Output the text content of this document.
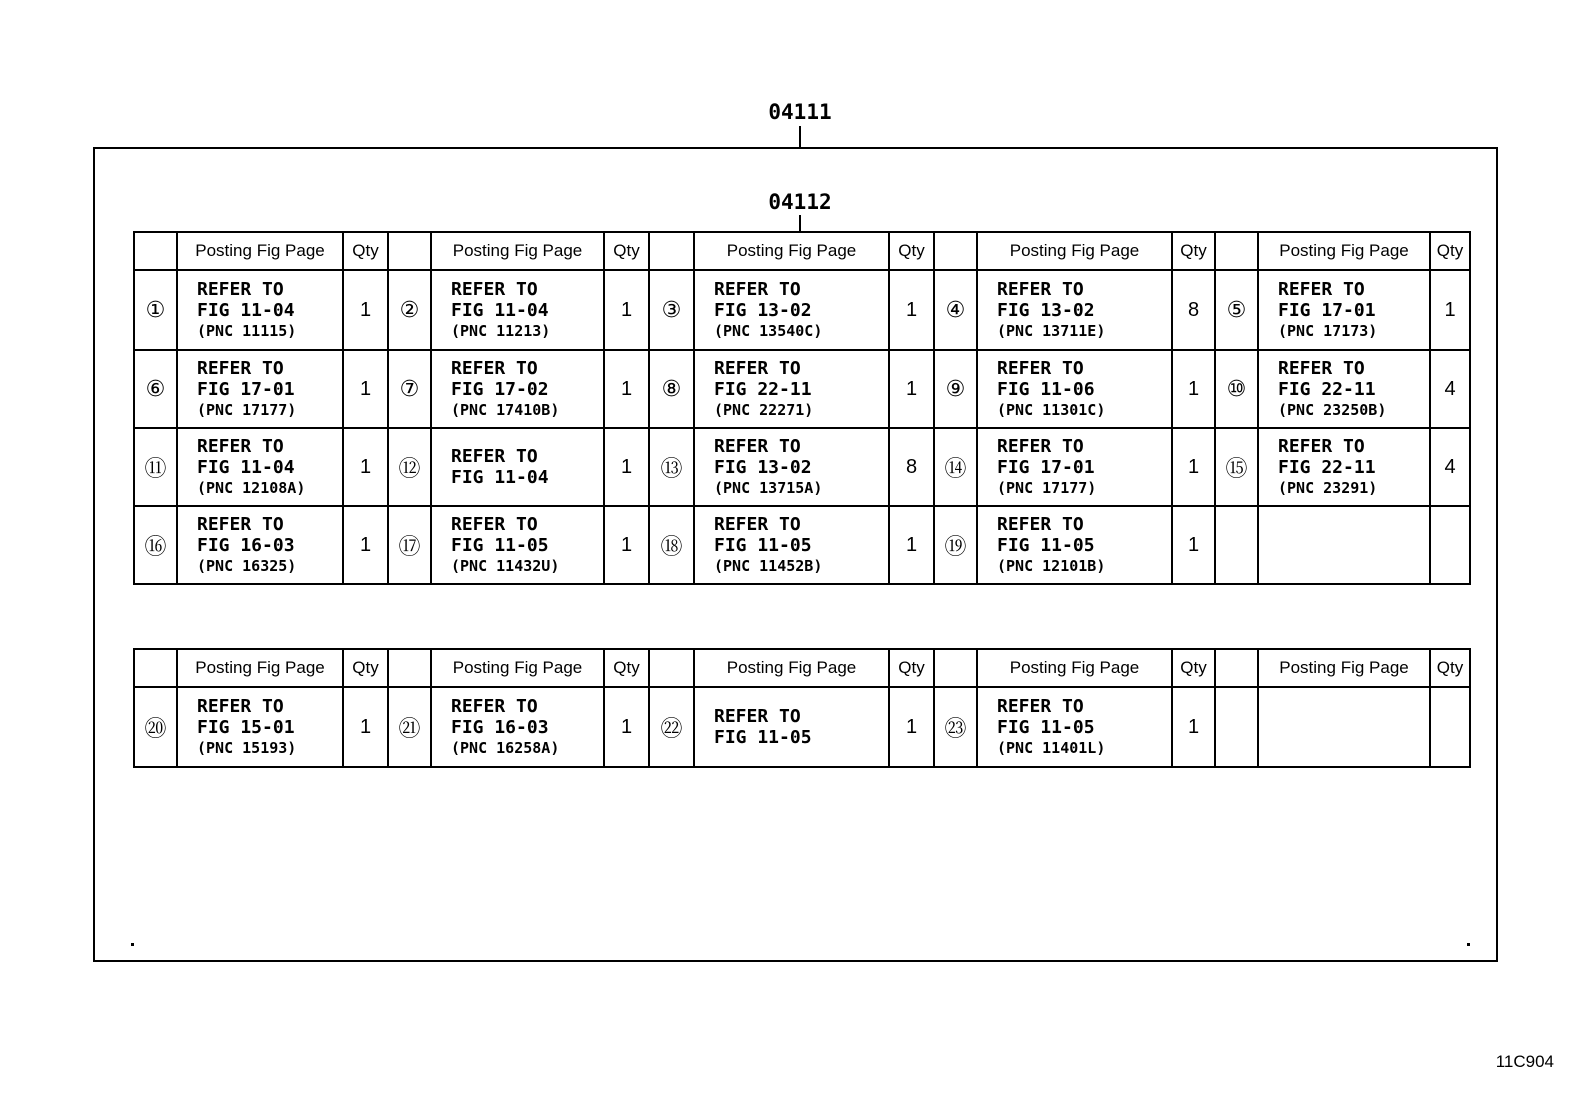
04111
04112
	Posting Fig Page	Qty		Posting Fig Page	Qty		Posting Fig Page	Qty		Posting Fig Page	Qty		Posting Fig Page	Qty
①	REFER TO
FIG 11-04
(PNC 11115)	1	②	REFER TO
FIG 11-04
(PNC 11213)	1	③	REFER TO
FIG 13-02
(PNC 13540C)	1	④	REFER TO
FIG 13-02
(PNC 13711E)	8	⑤	REFER TO
FIG 17-01
(PNC 17173)	1
⑥	REFER TO
FIG 17-01
(PNC 17177)	1	⑦	REFER TO
FIG 17-02
(PNC 17410B)	1	⑧	REFER TO
FIG 22-11
(PNC 22271)	1	⑨	REFER TO
FIG 11-06
(PNC 11301C)	1	⑩	REFER TO
FIG 22-11
(PNC 23250B)	4
⑪	REFER TO
FIG 11-04
(PNC 12108A)	1	⑫	REFER TO
FIG 11-04	1	⑬	REFER TO
FIG 13-02
(PNC 13715A)	8	⑭	REFER TO
FIG 17-01
(PNC 17177)	1	⑮	REFER TO
FIG 22-11
(PNC 23291)	4
⑯	REFER TO
FIG 16-03
(PNC 16325)	1	⑰	REFER TO
FIG 11-05
(PNC 11432U)	1	⑱	REFER TO
FIG 11-05
(PNC 11452B)	1	⑲	REFER TO
FIG 11-05
(PNC 12101B)	1		

	Posting Fig Page	Qty		Posting Fig Page	Qty		Posting Fig Page	Qty		Posting Fig Page	Qty		Posting Fig Page	Qty
⑳	REFER TO
FIG 15-01
(PNC 15193)	1	㉑	REFER TO
FIG 16-03
(PNC 16258A)	1	㉒	REFER TO
FIG 11-05	1	㉓	REFER TO
FIG 11-05
(PNC 11401L)	1		

11C904
